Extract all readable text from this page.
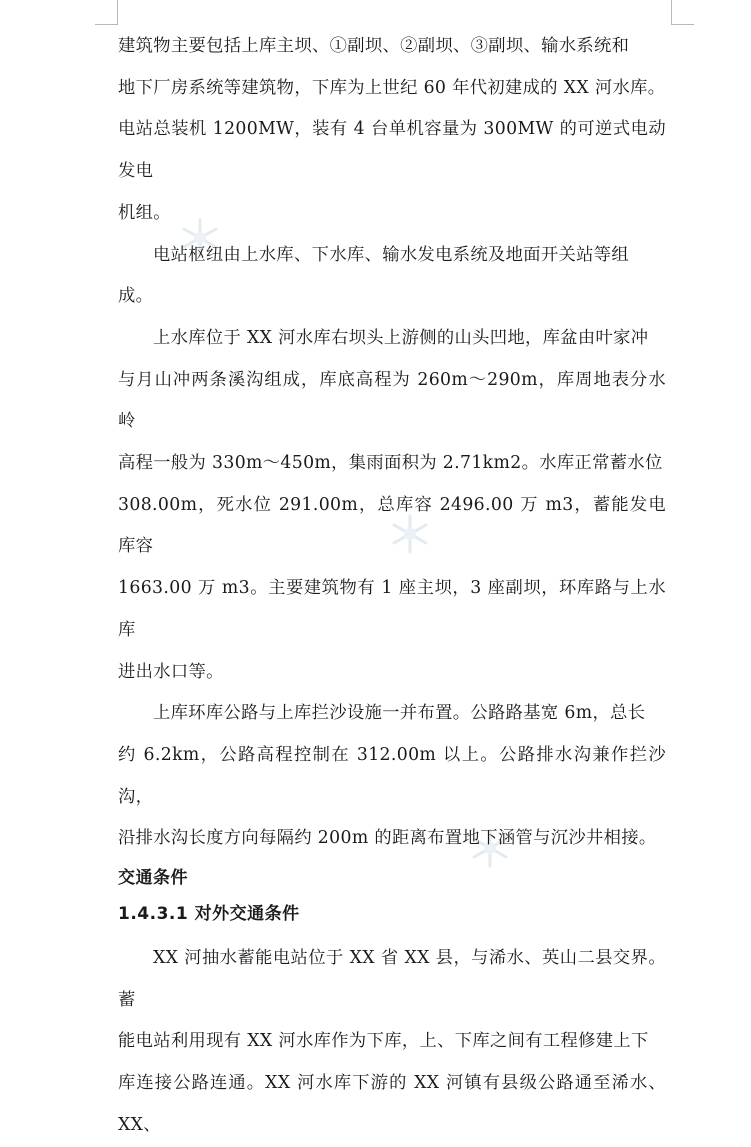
建筑物主要包括上库主坝、①副坝、②副坝、③副坝、输水系统和
地下厂房系统等建筑物，下库为上世纪 60 年代初建成的 XX 河水库。
电站总装机 1200MW，装有 4 台单机容量为 300MW 的可逆式电动发电
机组。

电站枢纽由上水库、下水库、输水发电系统及地面开关站等组
成。

上水库位于 XX 河水库右坝头上游侧的山头凹地，库盆由叶家冲
与月山冲两条溪沟组成，库底高程为 260m～290m，库周地表分水岭
高程一般为 330m～450m，集雨面积为 2.71km2。水库正常蓄水位
308.00m，死水位 291.00m，总库容 2496.00 万 m3，蓄能发电库容
1663.00 万 m3。主要建筑物有 1 座主坝，3 座副坝，环库路与上水库
进出水口等。

上库环库公路与上库拦沙设施一并布置。公路路基宽 6m，总长
约 6.2km，公路高程控制在 312.00m 以上。公路排水沟兼作拦沙沟，
沿排水沟长度方向每隔约 200m 的距离布置地下涵管与沉沙井相接。

交通条件
1.4.3.1 对外交通条件

XX 河抽水蓄能电站位于 XX 省 XX 县，与浠水、英山二县交界。蓄
能电站利用现有 XX 河水库作为下库，上、下库之间有工程修建上下
库连接公路连通。XX 河水库下游的 XX 河镇有县级公路通至浠水、XX、
